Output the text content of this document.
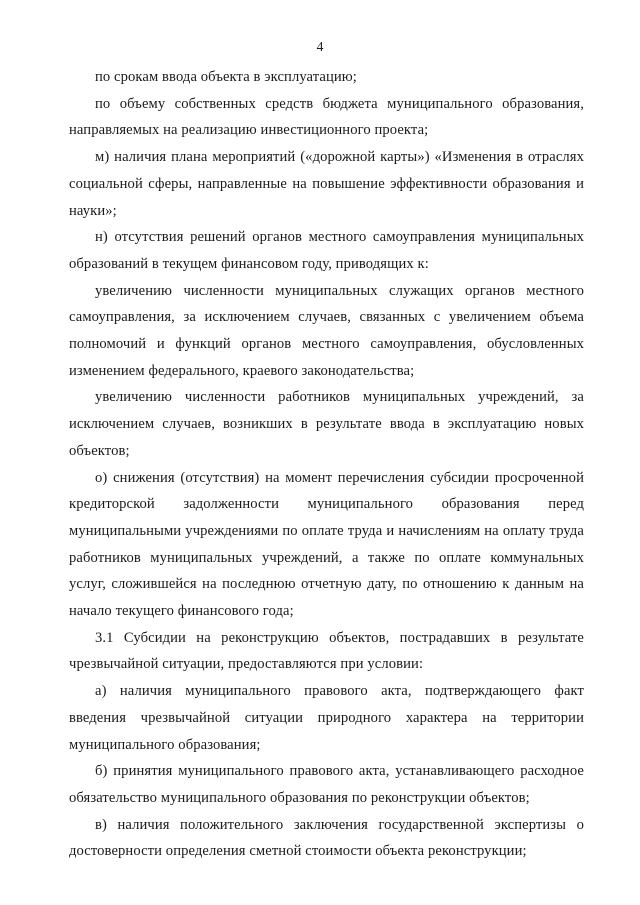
4

по срокам ввода объекта в эксплуатацию;

по объему собственных средств бюджета муниципального образования, направляемых на реализацию инвестиционного проекта;

м) наличия плана мероприятий («дорожной карты») «Изменения в отраслях социальной сферы, направленные на повышение эффективности образования и науки»;

н) отсутствия решений органов местного самоуправления муниципальных образований в текущем финансовом году, приводящих к:

увеличению численности муниципальных служащих органов местного самоуправления, за исключением случаев, связанных с увеличением объема полномочий и функций органов местного самоуправления, обусловленных изменением федерального, краевого законодательства;

увеличению численности работников муниципальных учреждений, за исключением случаев, возникших в результате ввода в эксплуатацию новых объектов;

о) снижения (отсутствия) на момент перечисления субсидии просроченной кредиторской задолженности муниципального образования перед муниципальными учреждениями по оплате труда и начислениям на оплату труда работников муниципальных учреждений, а также по оплате коммунальных услуг, сложившейся на последнюю отчетную дату, по отношению к данным на начало текущего финансового года;

3.1 Субсидии на реконструкцию объектов, пострадавших в результате чрезвычайной ситуации, предоставляются при условии:

а) наличия муниципального правового акта, подтверждающего факт введения чрезвычайной ситуации природного характера на территории муниципального образования;

б) принятия муниципального правового акта, устанавливающего расходное обязательство муниципального образования по реконструкции объектов;

в) наличия положительного заключения государственной экспертизы о достоверности определения сметной стоимости объекта реконструкции;
